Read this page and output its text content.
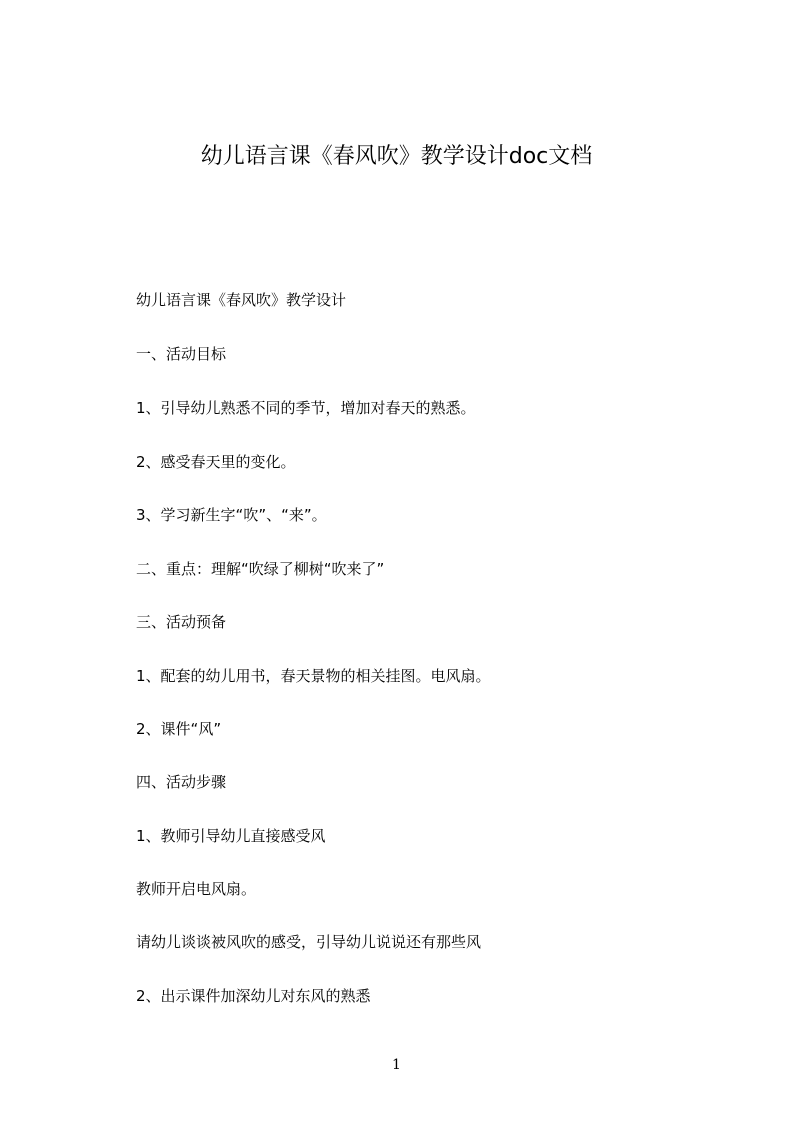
幼儿语言课《春风吹》教学设计doc文档
幼儿语言课《春风吹》教学设计
一、活动目标
1、引导幼儿熟悉不同的季节，增加对春天的熟悉。
2、感受春天里的变化。
3、学习新生字“吹”、“来”。
二、重点：理解“吹绿了柳树“吹来了”
三、活动预备
1、配套的幼儿用书，春天景物的相关挂图。电风扇。
2、课件“风”
四、活动步骤
1、教师引导幼儿直接感受风
教师开启电风扇。
请幼儿谈谈被风吹的感受，引导幼儿说说还有那些风
2、出示课件加深幼儿对东风的熟悉
1
